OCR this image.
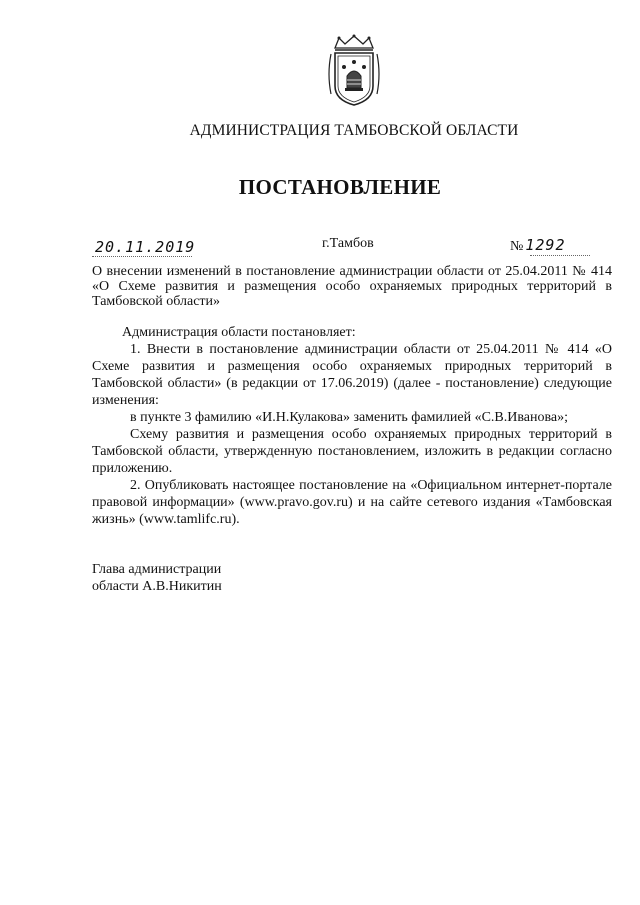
АДМИНИСТРАЦИЯ ТАМБОВСКОЙ ОБЛАСТИ
ПОСТАНОВЛЕНИЕ
20.11.2019	г.Тамбов	№ 1292
О внесении изменений в постановление администрации области от 25.04.2011 № 414 «О Схеме развития и размещения особо охраняемых природных территорий в Тамбовской области»

Администрация области постановляет:

1. Внести в постановление администрации области от 25.04.2011 № 414 «О Схеме развития и размещения особо охраняемых природных территорий в Тамбовской области» (в редакции от 17.06.2019) (далее - постановление) следующие изменения:

в пункте 3 фамилию «И.Н.Кулакова» заменить фамилией «С.В.Иванова»;

Схему развития и размещения особо охраняемых природных территорий в Тамбовской области, утвержденную постановлением, изложить в редакции согласно приложению.

2. Опубликовать настоящее постановление на «Официальном интернет-портале правовой информации» (www.pravo.gov.ru) и на сайте сетевого издания «Тамбовская жизнь» (www.tamlifc.ru).

Глава администрации
области А.В.Никитин
